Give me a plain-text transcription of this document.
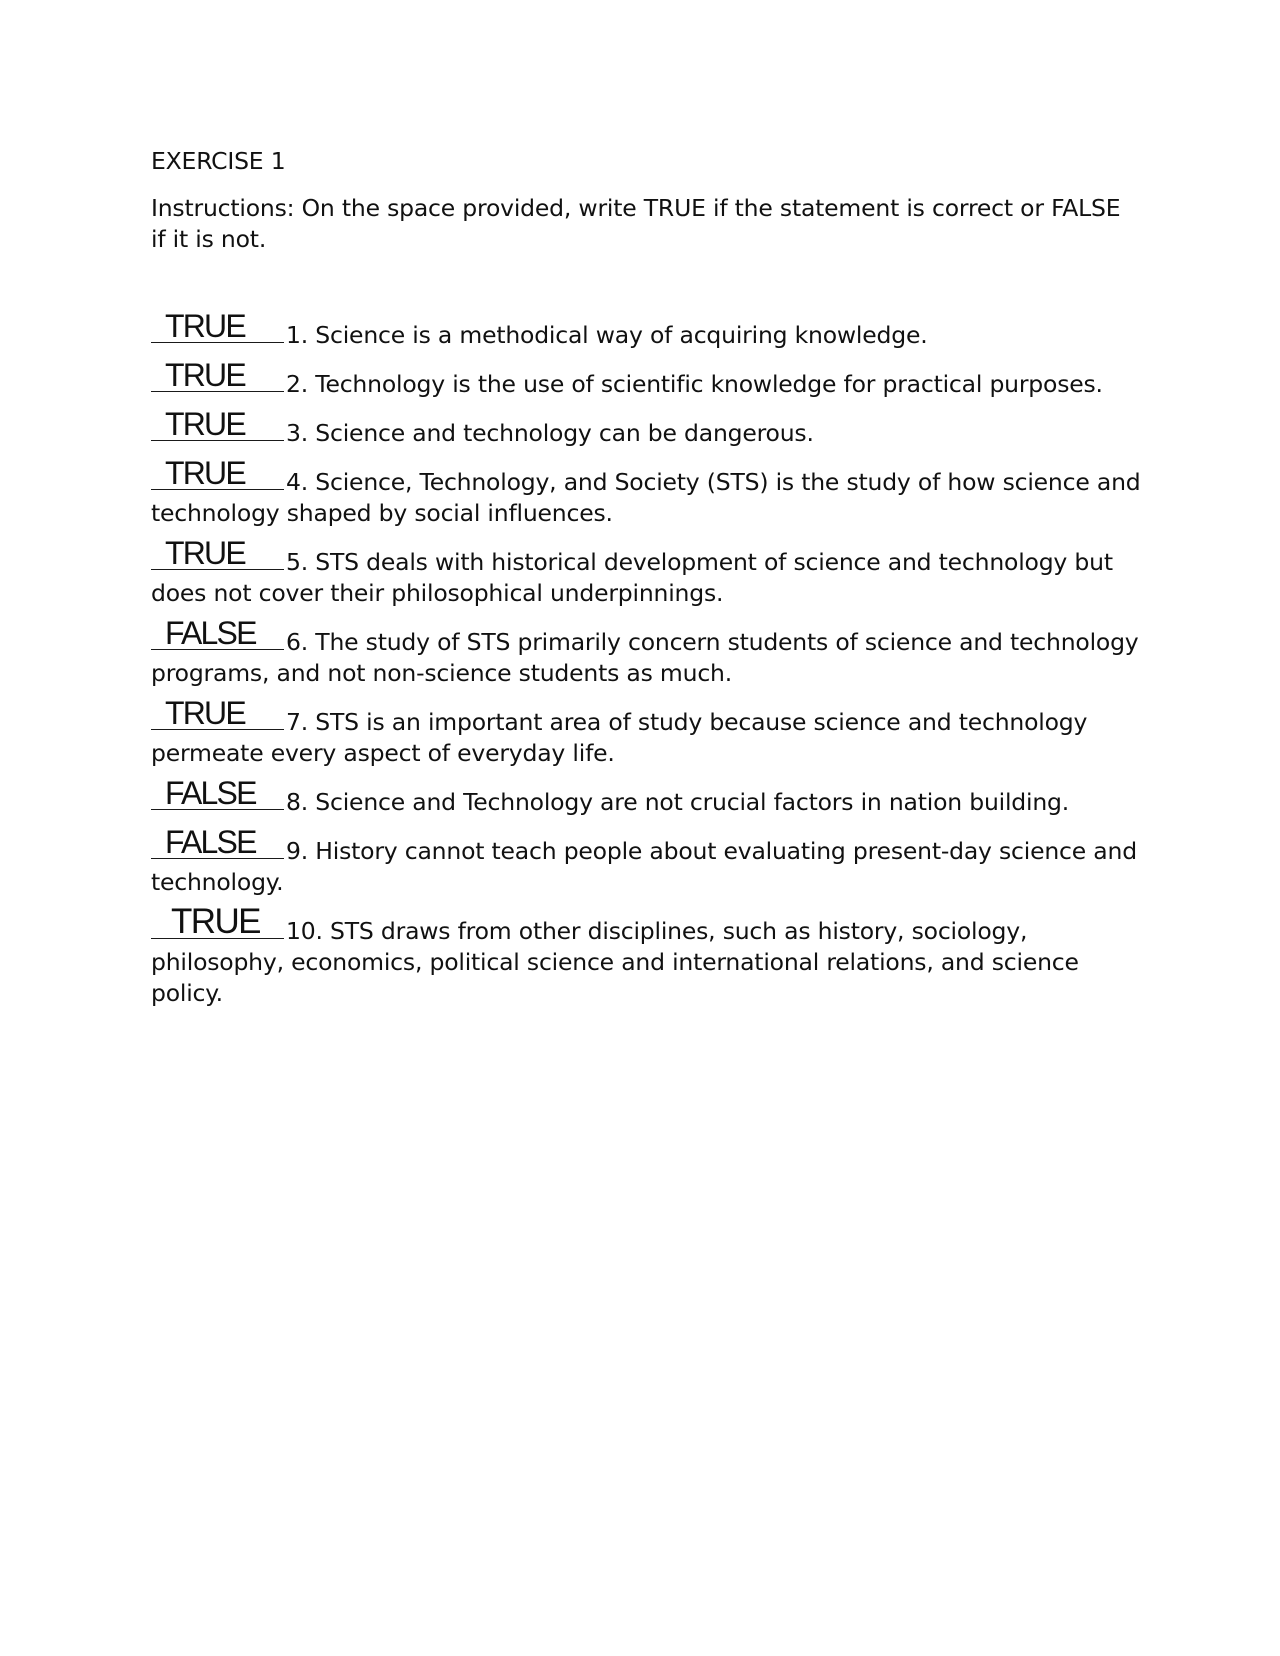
EXERCISE 1

Instructions: On the space provided, write TRUE if the statement is correct or FALSE if it is not.

TRUE 1. Science is a methodical way of acquiring knowledge.
TRUE 2. Technology is the use of scientific knowledge for practical purposes.
TRUE 3. Science and technology can be dangerous.
TRUE 4. Science, Technology, and Society (STS) is the study of how science and technology shaped by social influences.
TRUE 5. STS deals with historical development of science and technology but does not cover their philosophical underpinnings.
FALSE 6. The study of STS primarily concern students of science and technology programs, and not non-science students as much.
TRUE 7. STS is an important area of study because science and technology permeate every aspect of everyday life.
FALSE 8. Science and Technology are not crucial factors in nation building.
FALSE 9. History cannot teach people about evaluating present-day science and technology.
TRUE 10. STS draws from other disciplines, such as history, sociology, philosophy, economics, political science and international relations, and science policy.
